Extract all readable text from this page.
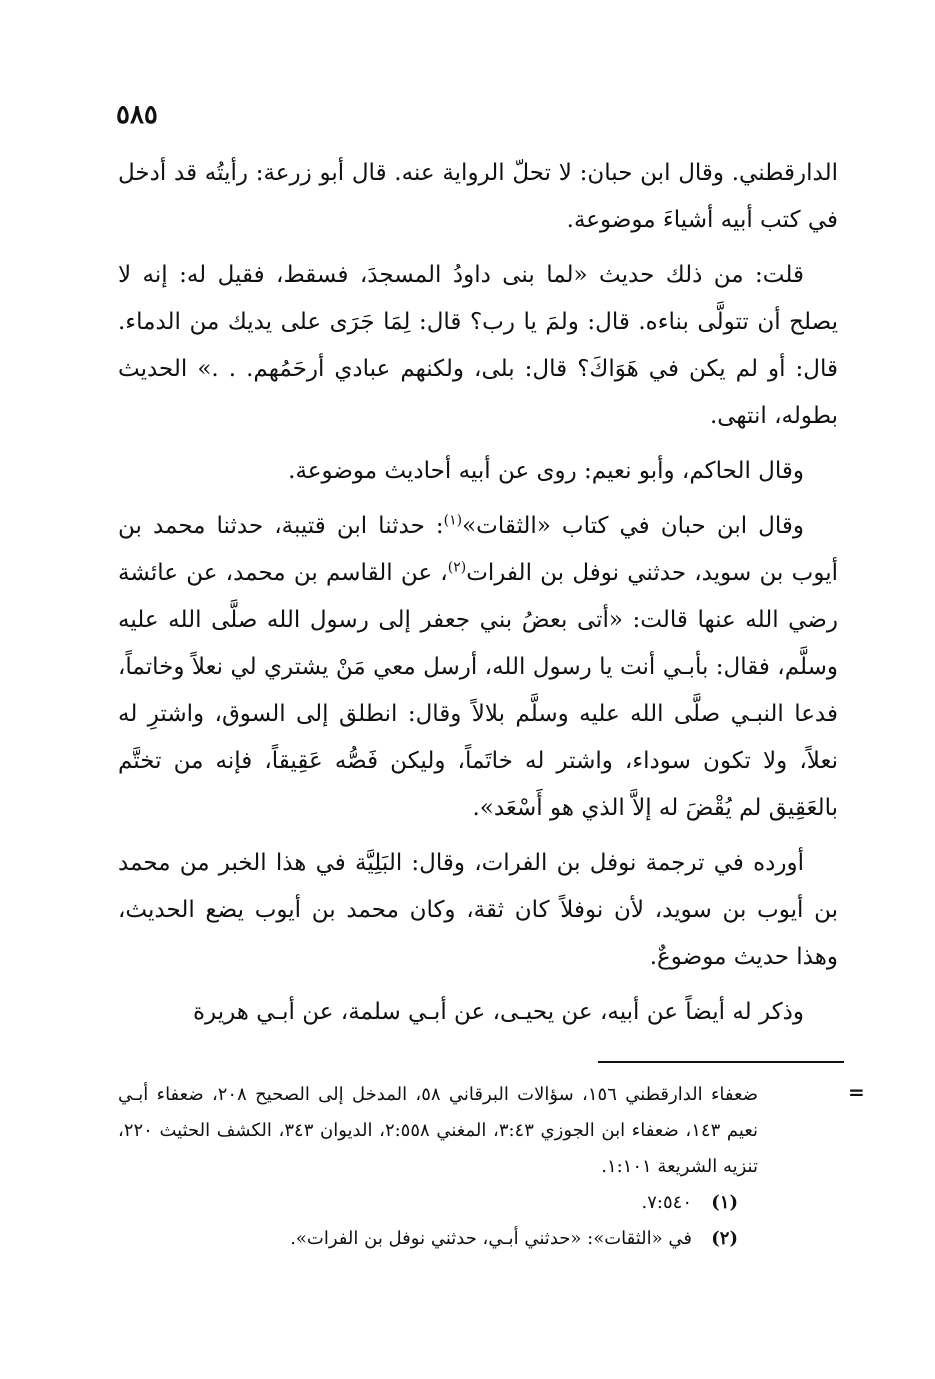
٥٨٥

الدارقطني. وقال ابن حبان: لا تحلّ الرواية عنه. قال أبو زرعة: رأيتُه قد أدخل في كتب أبيه أشياءَ موضوعة.

قلت: من ذلك حديث «لما بنى داودُ المسجدَ، فسقط، فقيل له: إنه لا يصلح أن تتولَّى بناءه. قال: ولمَ يا رب؟ قال: لِمَا جَرَى على يديك من الدماء. قال: أو لم يكن في هَوَاكَ؟ قال: بلى، ولكنهم عبادي أرحَمُهم. . .» الحديث بطوله، انتهى.

وقال الحاكم، وأبو نعيم: روى عن أبيه أحاديث موضوعة.

وقال ابن حبان في كتاب «الثقات»$^{(١)}$: حدثنا ابن قتيبة، حدثنا محمد بن أيوب بن سويد، حدثني نوفل بن الفرات$^{(٢)}$، عن القاسم بن محمد، عن عائشة رضي الله عنها قالت: «أتى بعضُ بني جعفر إلى رسول الله صلَّى الله عليه وسلَّم، فقال: بأبـي أنت يا رسول الله، أرسل معي مَنْ يشتري لي نعلاً وخاتماً، فدعا النبـي صلَّى الله عليه وسلَّم بلالاً وقال: انطلق إلى السوق، واشترِ له نعلاً، ولا تكون سوداء، واشتر له خاتَماً، وليكن فَصُّه عَقِيقاً، فإنه من تختَّم بالعَقِيق لم يُقْضَ له إلاَّ الذي هو أَسْعَد».

أورده في ترجمة نوفل بن الفرات، وقال: البَلِيَّة في هذا الخبر من محمد بن أيوب بن سويد، لأن نوفلاً كان ثقة، وكان محمد بن أيوب يضع الحديث، وهذا حديث موضوعٌ.

وذكر له أيضاً عن أبيه، عن يحيـى، عن أبـي سلمة، عن أبـي هريرة

=

ضعفاء الدارقطني ١٥٦، سؤالات البرقاني ٥٨، المدخل إلى الصحيح ٢٠٨، ضعفاء أبـي نعيم ١٤٣، ضعفاء ابن الجوزي ٣:٤٣، المغني ٢:٥٥٨، الديوان ٣٤٣، الكشف الحثيث ٢٢٠، تنزيه الشريعة ١:١٠١.

(١)٧:٥٤٠.

(٢)في «الثقات»: «حدثني أبـي، حدثني نوفل بن الفرات».
